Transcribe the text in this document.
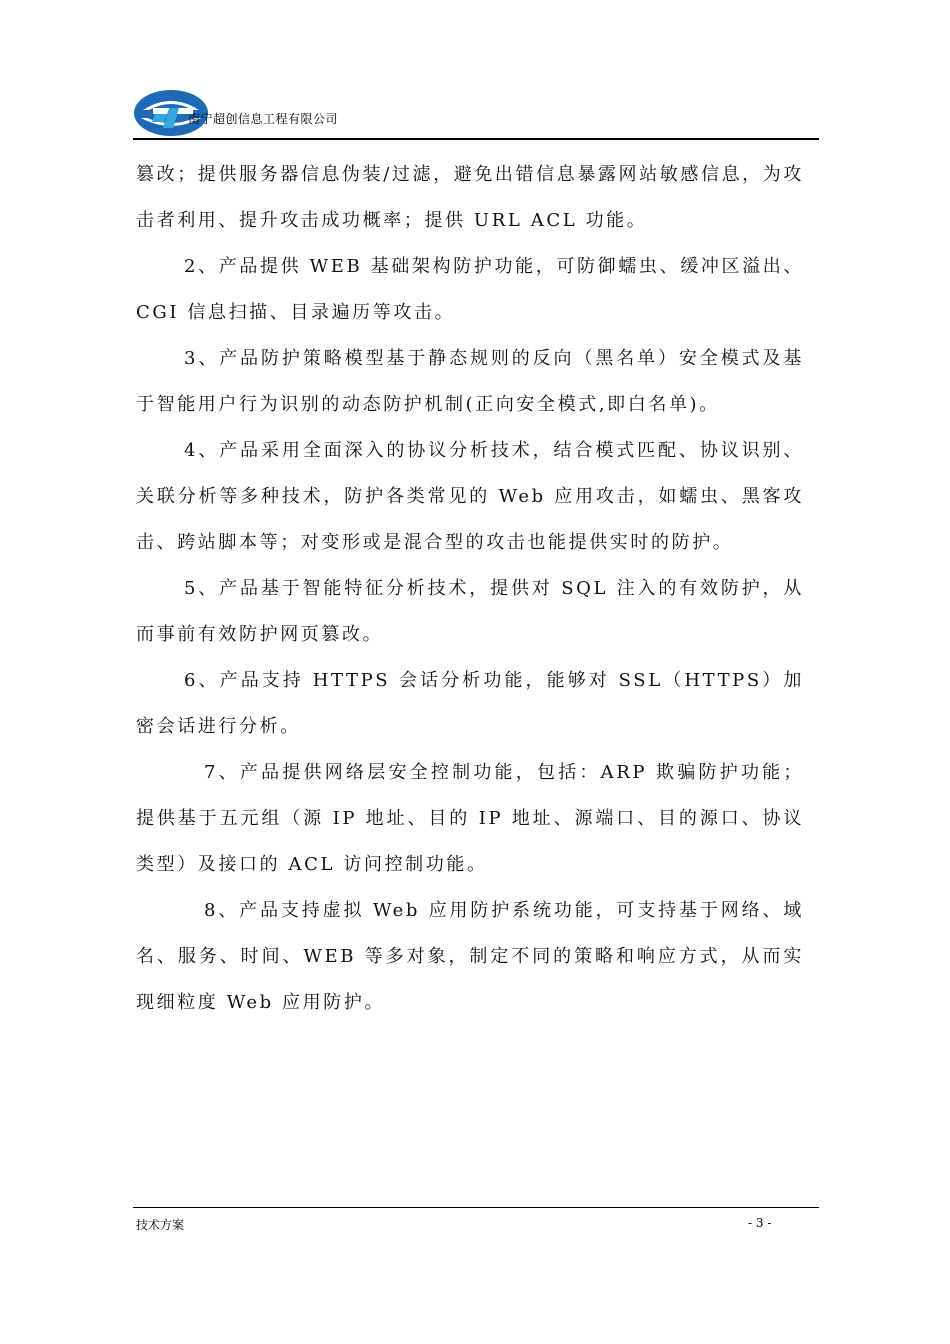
南宁超创信息工程有限公司

篡改；提供服务器信息伪装/过滤，避免出错信息暴露网站敏感信息，为攻击者利用、提升攻击成功概率；提供 URL ACL 功能。

2、产品提供 WEB 基础架构防护功能，可防御蠕虫、缓冲区溢出、CGI 信息扫描、目录遍历等攻击。

3、产品防护策略模型基于静态规则的反向（黑名单）安全模式及基于智能用户行为识别的动态防护机制(正向安全模式,即白名单)。

4、产品采用全面深入的协议分析技术，结合模式匹配、协议识别、关联分析等多种技术，防护各类常见的 Web 应用攻击，如蠕虫、黑客攻击、跨站脚本等；对变形或是混合型的攻击也能提供实时的防护。

5、产品基于智能特征分析技术，提供对 SQL 注入的有效防护，从而事前有效防护网页篡改。

6、产品支持 HTTPS 会话分析功能，能够对 SSL（HTTPS）加密会话进行分析。

7、产品提供网络层安全控制功能，包括：ARP 欺骗防护功能；提供基于五元组（源 IP 地址、目的 IP 地址、源端口、目的源口、协议类型）及接口的 ACL 访问控制功能。

8、产品支持虚拟 Web 应用防护系统功能，可支持基于网络、域名、服务、时间、WEB 等多对象，制定不同的策略和响应方式，从而实现细粒度 Web 应用防护。

技术方案	- 3 -
